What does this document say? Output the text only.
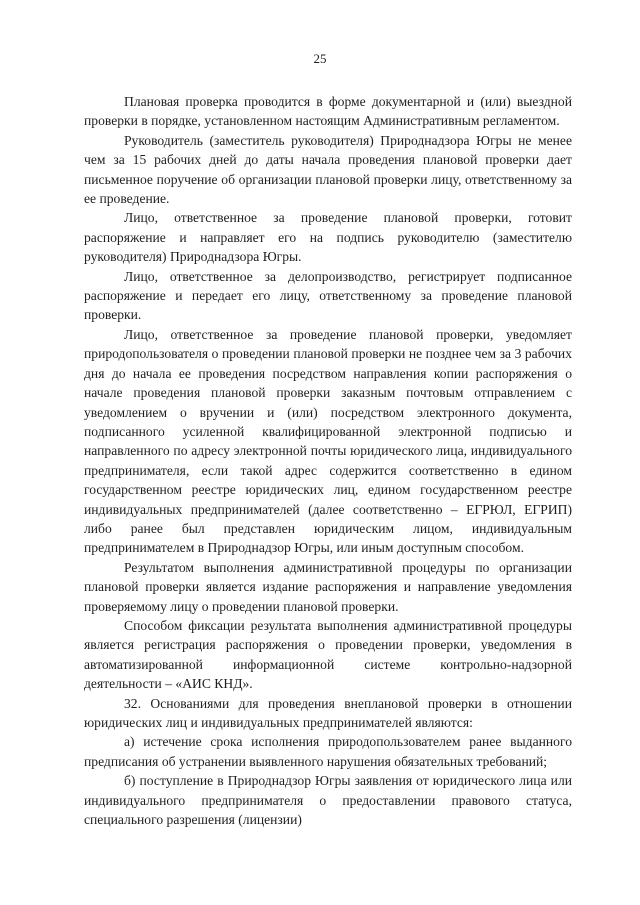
25

Плановая проверка проводится в форме документарной и (или) выездной проверки в порядке, установленном настоящим Административным регламентом.

Руководитель (заместитель руководителя) Природнадзора Югры не менее чем за 15 рабочих дней до даты начала проведения плановой проверки дает письменное поручение об организации плановой проверки лицу, ответственному за ее проведение.

Лицо, ответственное за проведение плановой проверки, готовит распоряжение и направляет его на подпись руководителю (заместителю руководителя) Природнадзора Югры.

Лицо, ответственное за делопроизводство, регистрирует подписанное распоряжение и передает его лицу, ответственному за проведение плановой проверки.

Лицо, ответственное за проведение плановой проверки, уведомляет природопользователя о проведении плановой проверки не позднее чем за 3 рабочих дня до начала ее проведения посредством направления копии распоряжения о начале проведения плановой проверки заказным почтовым отправлением с уведомлением о вручении и (или) посредством электронного документа, подписанного усиленной квалифицированной электронной подписью и направленного по адресу электронной почты юридического лица, индивидуального предпринимателя, если такой адрес содержится соответственно в едином государственном реестре юридических лиц, едином государственном реестре индивидуальных предпринимателей (далее соответственно – ЕГРЮЛ, ЕГРИП) либо ранее был представлен юридическим лицом, индивидуальным предпринимателем в Природнадзор Югры, или иным доступным способом.

Результатом выполнения административной процедуры по организации плановой проверки является издание распоряжения и направление уведомления проверяемому лицу о проведении плановой проверки.

Способом фиксации результата выполнения административной процедуры является регистрация распоряжения о проведении проверки, уведомления в автоматизированной информационной системе контрольно-надзорной деятельности – «АИС КНД».

32. Основаниями для проведения внеплановой проверки в отношении юридических лиц и индивидуальных предпринимателей являются:

а) истечение срока исполнения природопользователем ранее выданного предписания об устранении выявленного нарушения обязательных требований;

б) поступление в Природнадзор Югры заявления от юридического лица или индивидуального предпринимателя о предоставлении правового статуса, специального разрешения (лицензии)
